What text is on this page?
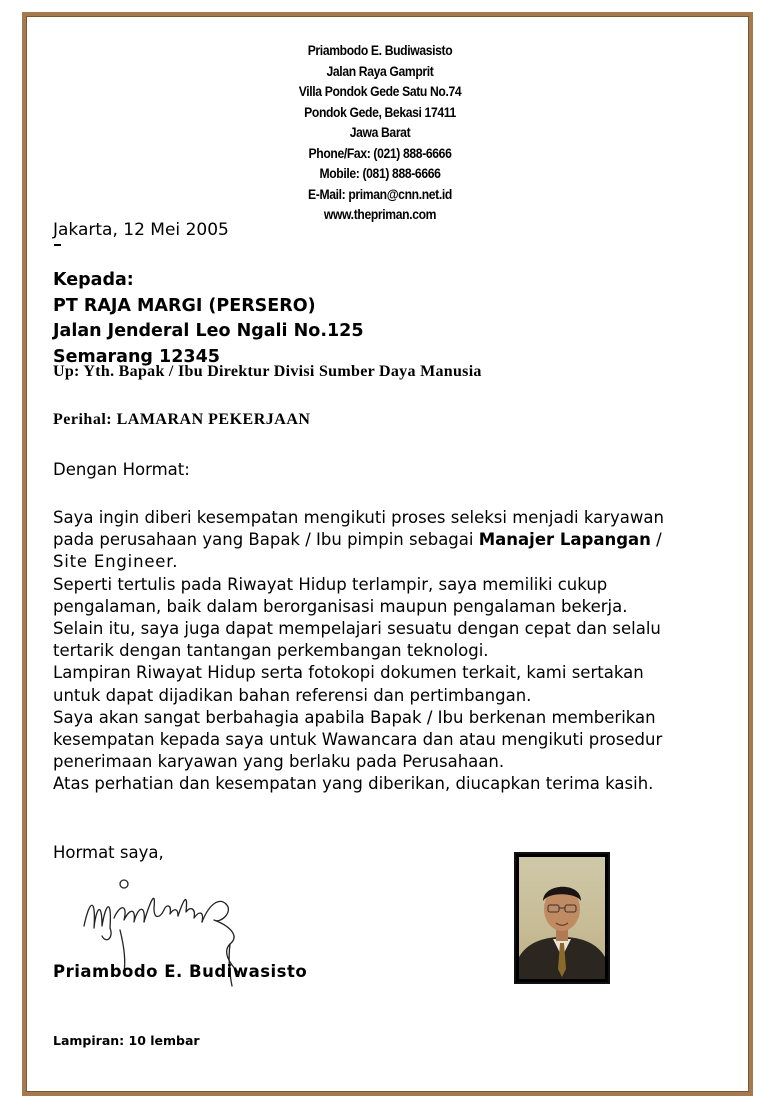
Priambodo E. Budiwasisto
Jalan Raya Gamprit
Villa Pondok Gede Satu No.74
Pondok Gede, Bekasi 17411
Jawa Barat
Phone/Fax: (021) 888-6666
Mobile: (081) 888-6666
E-Mail: priman@cnn.net.id
www.thepriman.com
Jakarta, 12 Mei 2005
Kepada:
PT RAJA MARGI (PERSERO)
Jalan Jenderal Leo Ngali No.125
Semarang 12345
Up: Yth. Bapak / Ibu Direktur Divisi Sumber Daya Manusia
Perihal: LAMARAN PEKERJAAN
Dengan Hormat:
Saya ingin diberi kesempatan mengikuti proses seleksi menjadi karyawan
pada perusahaan yang Bapak / Ibu pimpin sebagai Manajer Lapangan /
Site Engineer.
Seperti tertulis pada Riwayat Hidup terlampir, saya memiliki cukup
pengalaman, baik dalam berorganisasi maupun pengalaman bekerja.
Selain itu, saya juga dapat mempelajari sesuatu dengan cepat dan selalu
tertarik dengan tantangan perkembangan teknologi.
Lampiran Riwayat Hidup serta fotokopi dokumen terkait, kami sertakan
untuk dapat dijadikan bahan referensi dan pertimbangan.
Saya akan sangat berbahagia apabila Bapak / Ibu berkenan memberikan
kesempatan kepada saya untuk Wawancara dan atau mengikuti prosedur
penerimaan karyawan yang berlaku pada Perusahaan.
Atas perhatian dan kesempatan yang diberikan, diucapkan terima kasih.
Hormat saya,
Priambodo E. Budiwasisto
Lampiran: 10 lembar
